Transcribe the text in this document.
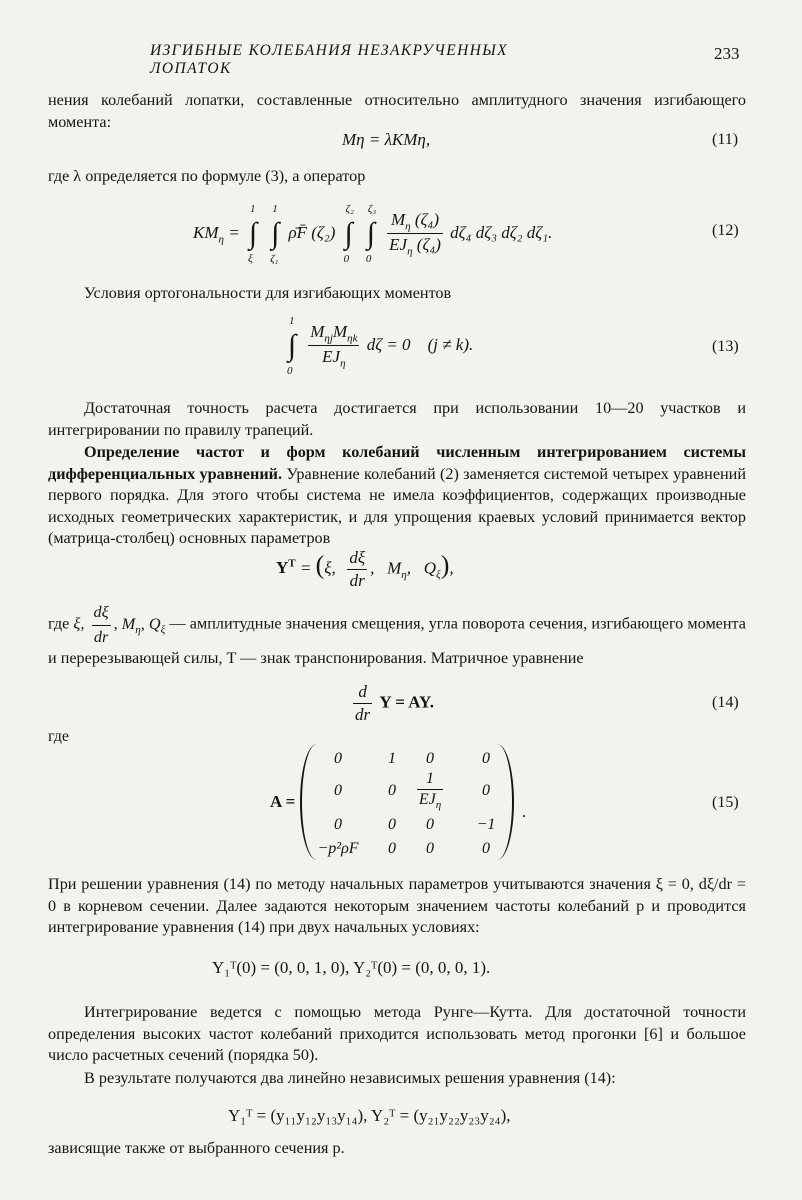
ИЗГИБНЫЕ КОЛЕБАНИЯ НЕЗАКРУЧЕННЫХ ЛОПАТОК
233

нения колебаний лопатки, составленные относительно амплитудного значения изгибающего момента:

Mη = λKMη,	(11)

где λ определяется по формуле (3), а оператор

$KM_\eta$ = ∫
1
ξ
∫
1
ζ₁
ρ̄F̄ (ζ₂) ∫
ζ₂
0
∫
ζ₃
0

$\frac{M_\eta (\zeta_4)}{EJ_\eta (\zeta_4)} d\zeta_4$ dζ₃ dζ₂ dζ₁.	(12)

Условия ортогональности для изгибающих моментов

∫
1
0

$\frac{M_{\eta j}M_{\eta k}}{EJ_\eta}$ dζ = 0    (j ≠ k).	(13)

Достаточная точность расчета достигается при использовании 10—20 участков и интегрировании по правилу трапеций.

Определение частот и форм колебаний численным интегрированием системы дифференциальных уравнений. Уравнение колебаний (2) заменяется системой четырех уравнений первого порядка. Для этого чтобы система не имела коэффициентов, содержащих производные исходных геометрических характеристик, и для упрощения краевых условий принимается вектор (матрица-столбец) основных параметров

$Y^T = (\xi$, $\frac{d\xi}{dr}$ ,   $M_\eta$,   $Q_\xi$),

где ξ, $\frac{d\xi}{dr}$ , $M_\eta$, $Q_\xi$ — амплитудные значения смещения, угла поворота сечения, изгибающего момента и перерезывающей силы, T — знак транспонирования. Матричное уравнение

$\frac{d}{dr}$ Y = AY.	(14)
где
A =
0	1	0	0
0	0	$\frac{1}{EJ_\eta}$	0
0	0	0	−1
−p²ρF	0	0	0
.	(15)

При решении уравнения (14) по методу начальных параметров учитываются значения ξ = 0, dξ/dr = 0 в корневом сечении. Далее задаются некоторым значением частоты колебаний p и проводится интегрирование уравнения (14) при двух начальных условиях:

Y₁ᵀ(0) = (0, 0, 1, 0), Y₂ᵀ(0) = (0, 0, 0, 1).

Интегрирование ведется с помощью метода Рунге—Кутта. Для достаточной точности определения высоких частот колебаний приходится использовать метод прогонки [6] и большое число расчетных сечений (порядка 50).

В результате получаются два линейно независимых решения уравнения (14):

Y₁ᵀ = (y₁₁y₁₂y₁₃y₁₄), Y₂ᵀ = (y₂₁y₂₂y₂₃y₂₄),

зависящие также от выбранного сечения p.
